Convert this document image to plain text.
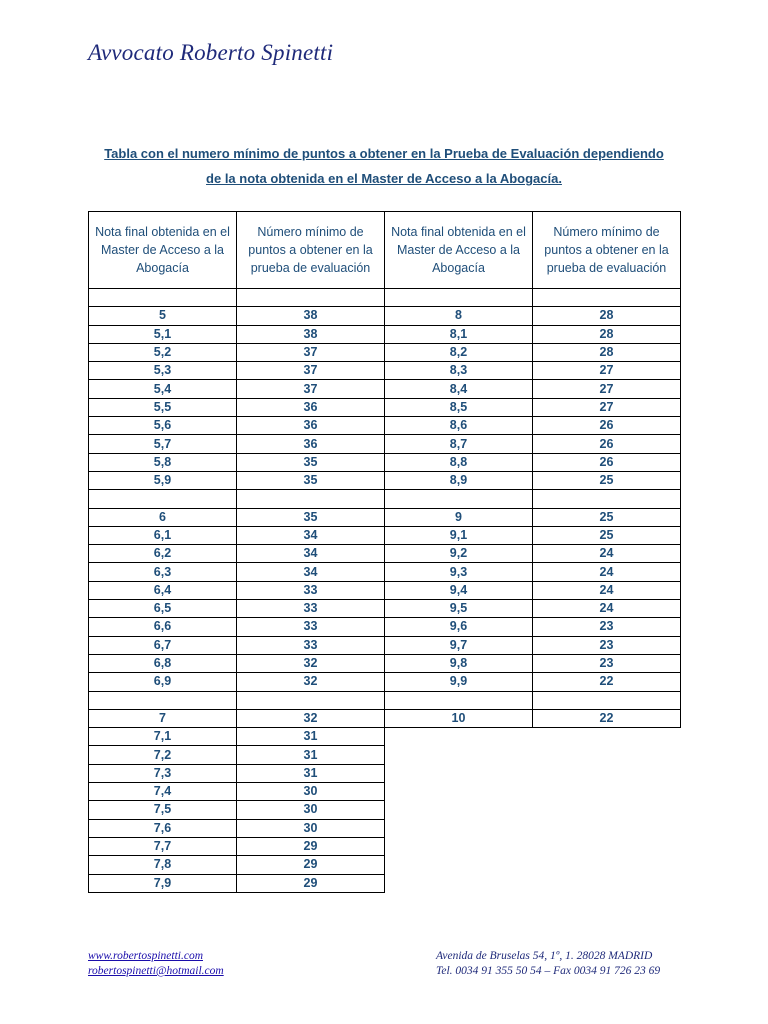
Avvocato Roberto Spinetti
Tabla con el numero mínimo de puntos a obtener en la Prueba de Evaluación dependiendo
de la nota obtenida en el Master de Acceso a la Abogacía.
Nota final obtenida en el Master de Acceso a la Abogacía	Número mínimo de puntos a obtener en la prueba de evaluación	Nota final obtenida en el Master de Acceso a la Abogacía	Número mínimo de puntos a obtener en la prueba de evaluación

5	38	8	28
5,1	38	8,1	28
5,2	37	8,2	28
5,3	37	8,3	27
5,4	37	8,4	27
5,5	36	8,5	27
5,6	36	8,6	26
5,7	36	8,7	26
5,8	35	8,8	26
5,9	35	8,9	25

6	35	9	25
6,1	34	9,1	25
6,2	34	9,2	24
6,3	34	9,3	24
6,4	33	9,4	24
6,5	33	9,5	24
6,6	33	9,6	23
6,7	33	9,7	23
6,8	32	9,8	23
6,9	32	9,9	22

7	32	10	22
7,1	31		
7,2	31		
7,3	31		
7,4	30		
7,5	30		
7,6	30		
7,7	29		
7,8	29		
7,9	29		
www.robertospinetti.com
robertospinetti@hotmail.com
Avenida de Bruselas 54, 1º, 1. 28028 MADRID
Tel. 0034 91 355 50 54 – Fax 0034 91 726 23 69
